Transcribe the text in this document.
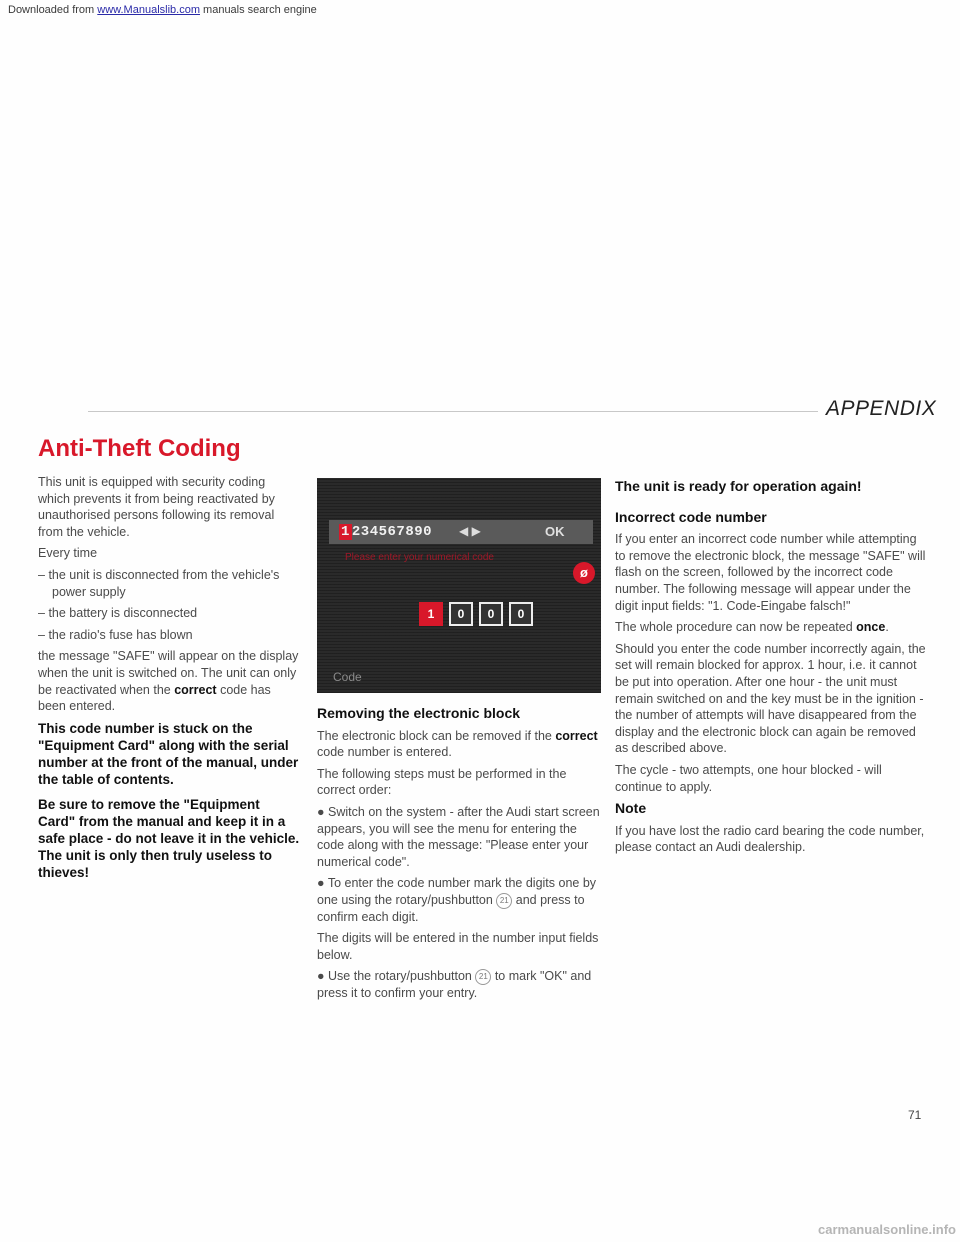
Downloaded from www.Manualslib.com manuals search engine
APPENDIX
Anti-Theft Coding

This unit is equipped with security coding which prevents it from being reactivated by unauthorised persons following its removal from the vehicle.

Every time

– the unit is disconnected from the vehicle's power supply

– the battery is disconnected

– the radio's fuse has blown

the message "SAFE" will appear on the display when the unit is switched on. The unit can only be reactivated when the correct code has been entered.

This code number is stuck on the "Equipment Card" along with the serial number at the front of the manual, under the table of contents.
Be sure to remove the "Equipment Card" from the manual and keep it in a safe place - do not leave it in the vehicle. The unit is only then truly useless to thieves!
1 234567890 ◀ ▶	OK
Please enter your numerical code
ø
1 0 0 0
Code
Removing the electronic block

The electronic block can be removed if the correct code number is entered.

The following steps must be performed in the correct order:

● Switch on the system - after the Audi start screen appears, you will see the menu for entering the code along with the message: "Please enter your numerical code".

● To enter the code number mark the digits one by one using the rotary/pushbutton 21 and press to confirm each digit.

The digits will be entered in the number input fields below.

● Use the rotary/pushbutton 21 to mark "OK" and press it to confirm your entry.

The unit is ready for operation again!
Incorrect code number

If you enter an incorrect code number while attempting to remove the electronic block, the message "SAFE" will flash on the screen, followed by the incorrect code number. The following message will appear under the digit input fields: "1. Code-Eingabe falsch!"

The whole procedure can now be repeated once.

Should you enter the code number incorrectly again, the set will remain blocked for approx. 1 hour, i.e. it cannot be put into operation. After one hour - the unit must remain switched on and the key must be in the ignition - the number of attempts will have disappeared from the display and the electronic block can again be removed as described above.

The cycle - two attempts, one hour blocked - will continue to apply.

Note

If you have lost the radio card bearing the code number, please contact an Audi dealership.

71
carmanualsonline.info
